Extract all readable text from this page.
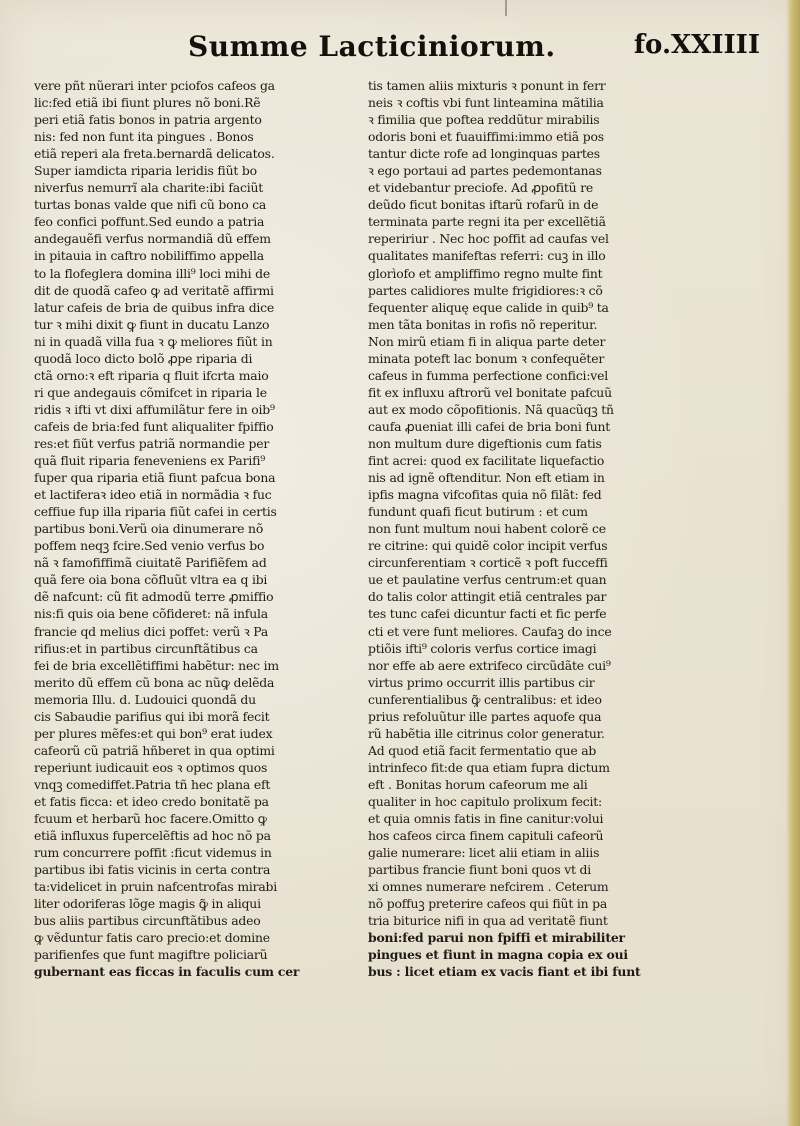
Summe Lacticiniorum.	fo.XXIIII
vere pñt nũerari inter pciofos cafeos ga
lic:fed etiã ibi fiunt plures nõ boni.Rẽ
peri etiã fatis bonos in patria argento
nis: fed non funt ita pingues . Bonos
etiã reperi ala freta.bernardã delicatos.
Super iamdicta riparia leridis fiũt bo
niverfus nemurrĩ ala charite:ibi faciũt
turtas bonas valde que nifi cũ bono ca
feo confici poffunt.Sed eundo a patria
andegauẽfi verfus normandiã dũ effem
in pitauia in caftro nobiliffimo appella
to la flofeglera domina illi⁹ loci mihi de
dit de quodã cafeo ꝙ ad veritatẽ affirmi
latur cafeis de bria de quibus infra dice
tur ꝛ mihi dixit ꝙ fiunt in ducatu Lanzo
ni in quadã villa fua ꝛ ꝙ meliores fiũt in
quodã loco dicto bolõ ꝓpe riparia di
ctã orno:ꝛ eft riparia q fluit ifcrta maio
ri que andegauis cõmifcet in riparia le
ridis ꝛ ifti vt dixi affumilãtur fere in oib⁹
cafeis de bria:fed funt aliqualiter fpiffio
res:et fiũt verfus patriã normandie per
quã fluit riparia feneveniens ex Parifi⁹
fuper qua riparia etiã fiunt pafcua bona
et lactiferaꝛ ideo etiã in normãdia ꝛ fuc
ceffiue fup illa riparia fiũt cafei in certis
partibus boni.Verũ oia dinumerare nõ
poffem neqꝫ fcire.Sed venio verfus bo
nã ꝛ famofiffimã ciuitatẽ Parifiẽfem ad
quã fere oia bona cõfluũt vltra ea q ibi
dẽ nafcunt: cũ fit admodũ terre ꝓmiffio
nis:fi quis oia bene cõfideret: nã infula
francie qd melius dici poffet: verũ ꝛ Pa
rifius:et in partibus circunftãtibus ca
fei de bria excellẽtiffimi habẽtur: nec im
merito dũ effem cũ bona ac nũꝙ delẽda
memoria Illu. d. Ludouici quondã du
cis Sabaudie parifius qui ibi morã fecit
per plures mẽfes:et qui bon⁹ erat iudex
cafeorũ cũ patriã hñberet in qua optimi
reperiunt iudicauit eos ꝛ optimos quos
vnqꝫ comediffet.Patria tñ hec plana eft
et fatis ficca: et ideo credo bonitatẽ pa
fcuum et herbarũ hoc facere.Omitto ꝙ
etiã influxus fupercelẽftis ad hoc nõ pa
rum concurrere poffit :ficut videmus in
partibus ibi fatis vicinis in certa contra
ta:videlicet in pruin nafcentrofas mirabi
liter odoriferas lõge magis ꝙ̃ in aliqui
bus aliis partibus circunftãtibus adeo
ꝙ vẽduntur fatis caro precio:et domine
parifienfes que funt magiftre policiarũ
gubernant eas ficcas in faculis cum cer
tis tamen aliis mixturis ꝛ ponunt in ferr
neis ꝛ coftis vbi funt linteamina mãtilia
ꝛ fimilia que poftea reddũtur mirabilis
odoris boni et fuauiffimi:immo etiã pos
tantur dicte rofe ad longinquas partes
ꝛ ego portaui ad partes pedemontanas
et videbantur preciofe. Ad ꝓpofitũ re
deũdo ficut bonitas iftarũ rofarũ in de
terminata parte regni ita per excellẽtiã
repeririur . Nec hoc poffit ad caufas vel
qualitates manifeftas referri: cuꝫ in illo
glorìofo et ampliffimo regno multe fint
partes calidiores multe frigidiores:ꝛ cõ
fequenter aliquę eque calide in quib⁹ ta
men tãta bonitas in rofis nõ reperitur.
Non mirũ etiam fi in aliqua parte deter
minata poteft lac bonum ꝛ confequẽter
cafeus in fumma perfectione confici:vel
fit ex influxu aftrorũ vel bonitate pafcuũ
aut ex modo cõpofitionis. Nã quacũqꝫ tñ
caufa ꝓueniat illi cafei de bria boni funt
non multum dure digeftionis cum fatis
fint acrei: quod ex facilitate liquefactio
nis ad ignẽ oftenditur. Non eft etiam in
ipfis magna vifcofitas quia nõ filãt: fed
fundunt quafi ficut butirum : et cum
non funt multum noui habent colorẽ ce
re citrine: qui quidẽ color incipit verfus
circunferentiam ꝛ corticẽ ꝛ poft fucceffi
ue et paulatine verfus centrum:et quan
do talis color attingit etiã centrales par
tes tunc cafei dicuntur facti et fic perfe
cti et vere funt meliores. Caufaꝫ do ince
ptiõis ifti⁹ coloris verfus cortice imagi
nor effe ab aere extrifeco circũdãte cui⁹
virtus primo occurrit illis partibus cir
cunferentialibus ꝙ̃ centralibus: et ideo
prius refoluũtur ille partes aquofe qua
rũ habẽtia ille citrinus color generatur.
Ad quod etiã facit fermentatio que ab
intrinfeco fit:de qua etiam fupra dictum
eft . Bonitas horum cafeorum me ali
qualiter in hoc capitulo prolixum fecit:
et quia omnis fatis in fine canitur:volui
hos cafeos circa finem capituli cafeorũ
galie numerare: licet alii etiam in aliis
partibus francie fiunt boni quos vt di
xi omnes numerare nefcirem . Ceterum
nõ poffuꝫ preterire cafeos qui fiũt in pa
tria biturice nifi in qua ad veritatẽ fiunt
boni:fed parui non fpiffi et mirabiliter
pingues et fiunt in magna copia ex oui
bus : licet etiam ex vacis fiant et ibi funt
